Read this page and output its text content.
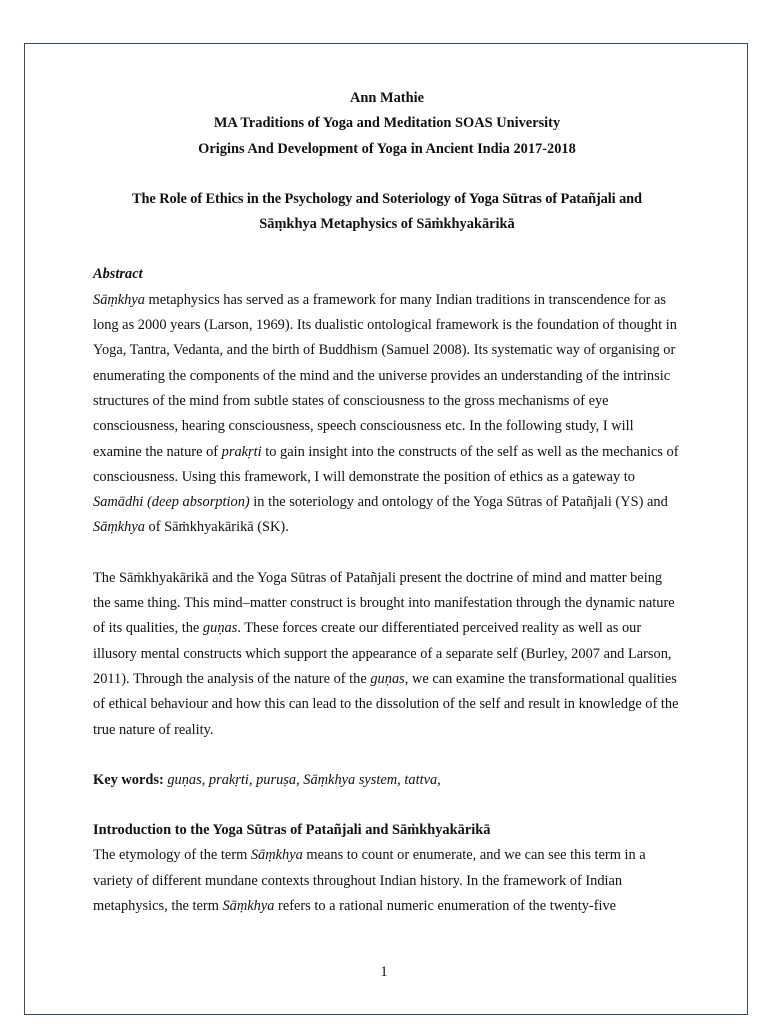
Ann Mathie
MA Traditions of Yoga and Meditation SOAS University
Origins And Development of Yoga in Ancient India 2017-2018
The Role of Ethics in the Psychology and Soteriology of Yoga Sūtras of Patañjali and
Sāṃkhya Metaphysics of Sāṁkhyakārikā
Abstract

Sāṃkhya metaphysics has served as a framework for many Indian traditions in transcendence for as long as 2000 years (Larson, 1969). Its dualistic ontological framework is the foundation of thought in Yoga, Tantra, Vedanta, and the birth of Buddhism (Samuel 2008). Its systematic way of organising or enumerating the components of the mind and the universe provides an understanding of the intrinsic structures of the mind from subtle states of consciousness to the gross mechanisms of eye consciousness, hearing consciousness, speech consciousness etc. In the following study, I will examine the nature of prakṛti to gain insight into the constructs of the self as well as the mechanics of consciousness. Using this framework, I will demonstrate the position of ethics as a gateway to Samādhi (deep absorption) in the soteriology and ontology of the Yoga Sūtras of Patañjali (YS) and Sāṃkhya of Sāṁkhyakārikā (SK).

The Sāṁkhyakārikā and the Yoga Sūtras of Patañjali present the doctrine of mind and matter being the same thing. This mind–matter construct is brought into manifestation through the dynamic nature of its qualities, the guṇas. These forces create our differentiated perceived reality as well as our illusory mental constructs which support the appearance of a separate self (Burley, 2007 and Larson, 2011). Through the analysis of the nature of the guṇas, we can examine the transformational qualities of ethical behaviour and how this can lead to the dissolution of the self and result in knowledge of the true nature of reality.

Key words: guṇas, prakṛti, puruṣa, Sāṃkhya system, tattva,

Introduction to the Yoga Sūtras of Patañjali and Sāṁkhyakārikā

The etymology of the term Sāṃkhya means to count or enumerate, and we can see this term in a variety of different mundane contexts throughout Indian history. In the framework of Indian metaphysics, the term Sāṃkhya refers to a rational numeric enumeration of the twenty-five

1
